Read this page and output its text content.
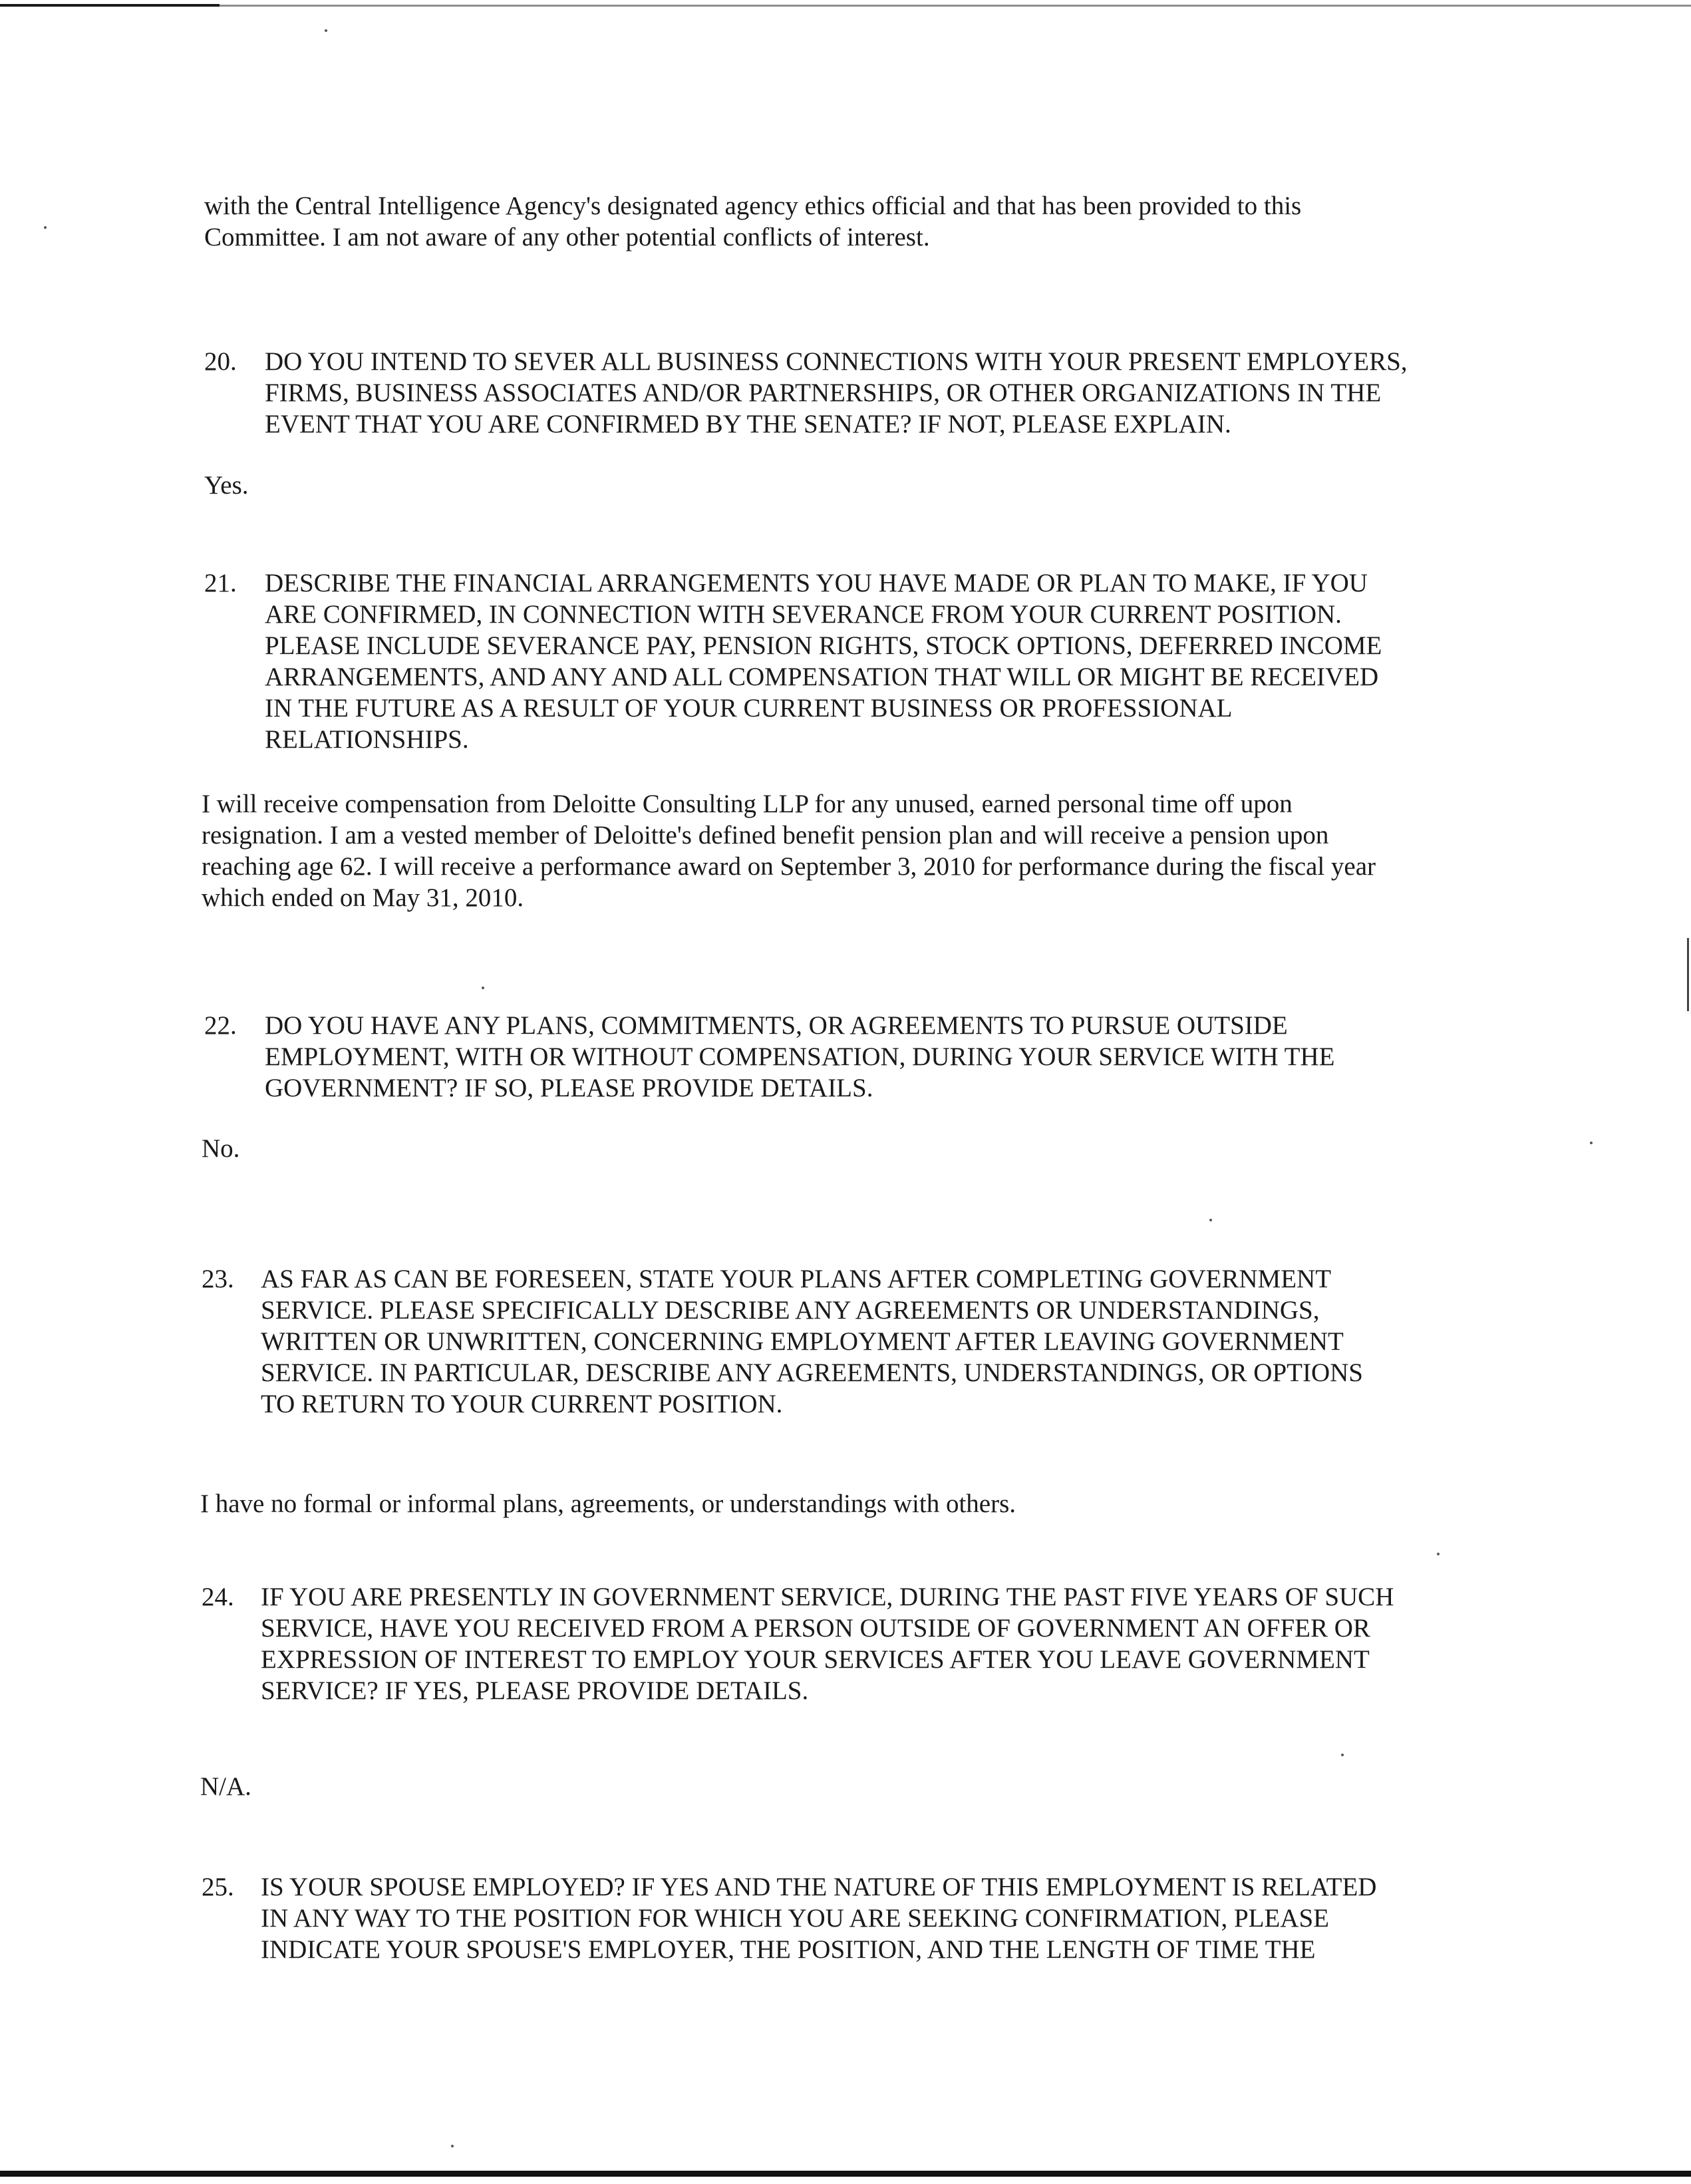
with the Central Intelligence Agency's designated agency ethics official and that has been provided to this
Committee. I am not aware of any other potential conflicts of interest.

20. DO YOU INTEND TO SEVER ALL BUSINESS CONNECTIONS WITH YOUR PRESENT EMPLOYERS,
FIRMS, BUSINESS ASSOCIATES AND/OR PARTNERSHIPS, OR OTHER ORGANIZATIONS IN THE
EVENT THAT YOU ARE CONFIRMED BY THE SENATE? IF NOT, PLEASE EXPLAIN.

Yes.

21. DESCRIBE THE FINANCIAL ARRANGEMENTS YOU HAVE MADE OR PLAN TO MAKE, IF YOU
ARE CONFIRMED, IN CONNECTION WITH SEVERANCE FROM YOUR CURRENT POSITION.
PLEASE INCLUDE SEVERANCE PAY, PENSION RIGHTS, STOCK OPTIONS, DEFERRED INCOME
ARRANGEMENTS, AND ANY AND ALL COMPENSATION THAT WILL OR MIGHT BE RECEIVED
IN THE FUTURE AS A RESULT OF YOUR CURRENT BUSINESS OR PROFESSIONAL
RELATIONSHIPS.

I will receive compensation from Deloitte Consulting LLP for any unused, earned personal time off upon
resignation. I am a vested member of Deloitte's defined benefit pension plan and will receive a pension upon
reaching age 62. I will receive a performance award on September 3, 2010 for performance during the fiscal year
which ended on May 31, 2010.

22. DO YOU HAVE ANY PLANS, COMMITMENTS, OR AGREEMENTS TO PURSUE OUTSIDE
EMPLOYMENT, WITH OR WITHOUT COMPENSATION, DURING YOUR SERVICE WITH THE
GOVERNMENT? IF SO, PLEASE PROVIDE DETAILS.

No.

23. AS FAR AS CAN BE FORESEEN, STATE YOUR PLANS AFTER COMPLETING GOVERNMENT
SERVICE. PLEASE SPECIFICALLY DESCRIBE ANY AGREEMENTS OR UNDERSTANDINGS,
WRITTEN OR UNWRITTEN, CONCERNING EMPLOYMENT AFTER LEAVING GOVERNMENT
SERVICE. IN PARTICULAR, DESCRIBE ANY AGREEMENTS, UNDERSTANDINGS, OR OPTIONS
TO RETURN TO YOUR CURRENT POSITION.

I have no formal or informal plans, agreements, or understandings with others.

24. IF YOU ARE PRESENTLY IN GOVERNMENT SERVICE, DURING THE PAST FIVE YEARS OF SUCH
SERVICE, HAVE YOU RECEIVED FROM A PERSON OUTSIDE OF GOVERNMENT AN OFFER OR
EXPRESSION OF INTEREST TO EMPLOY YOUR SERVICES AFTER YOU LEAVE GOVERNMENT
SERVICE? IF YES, PLEASE PROVIDE DETAILS.

N/A.

25. IS YOUR SPOUSE EMPLOYED? IF YES AND THE NATURE OF THIS EMPLOYMENT IS RELATED
IN ANY WAY TO THE POSITION FOR WHICH YOU ARE SEEKING CONFIRMATION, PLEASE
INDICATE YOUR SPOUSE'S EMPLOYER, THE POSITION, AND THE LENGTH OF TIME THE
